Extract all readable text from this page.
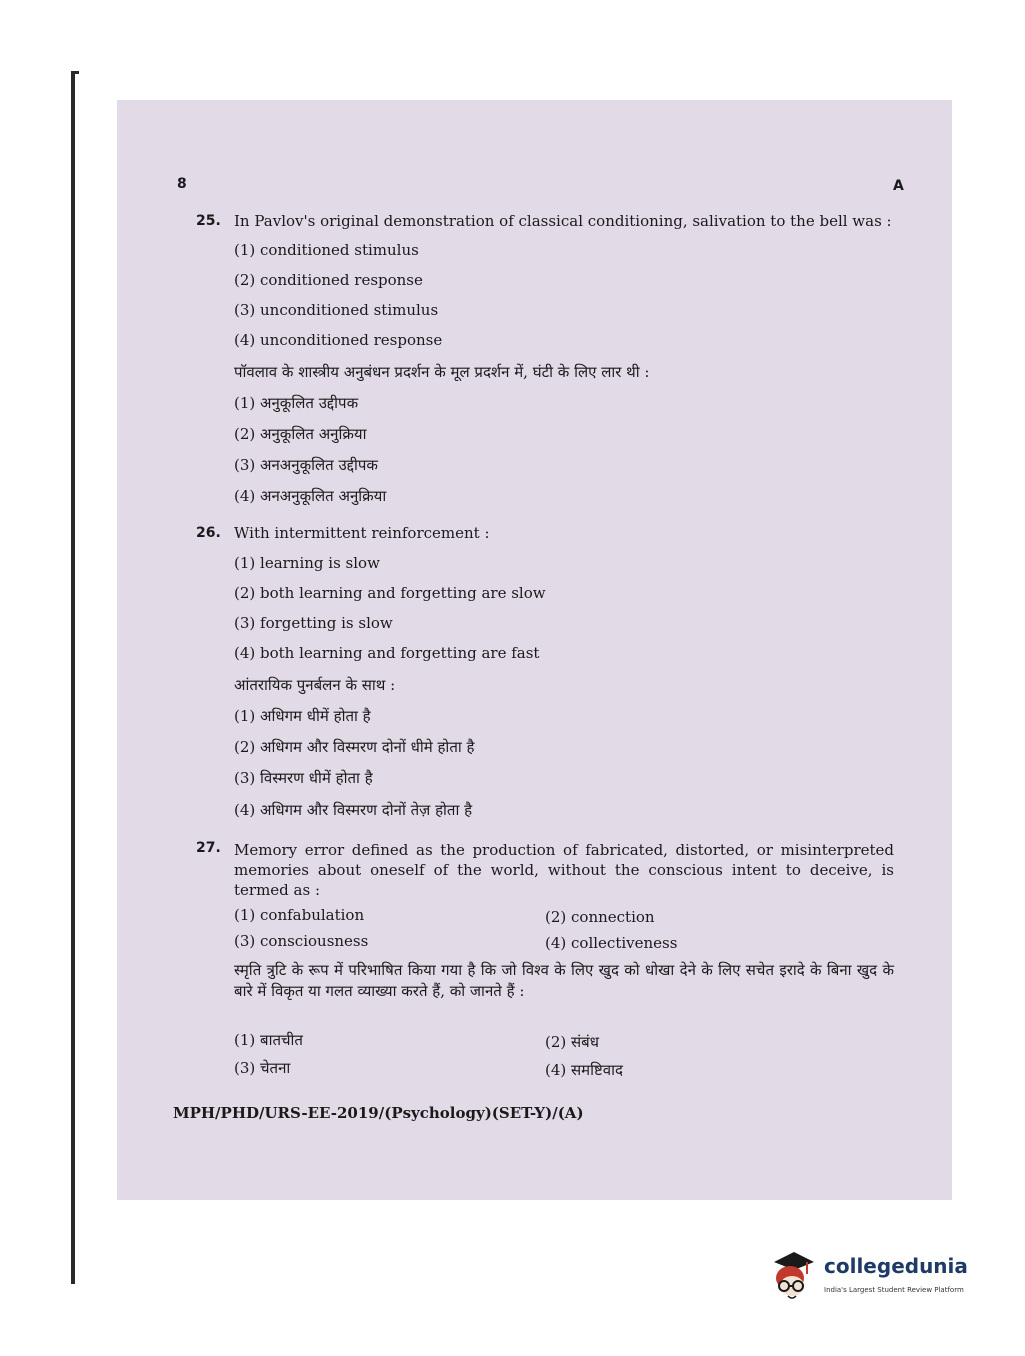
8	A
25. In Pavlov's original demonstration of classical conditioning, salivation to the bell was :
(1) conditioned stimulus
(2) conditioned response
(3) unconditioned stimulus
(4) unconditioned response
पॉवलाव के शास्त्रीय अनुबंधन प्रदर्शन के मूल प्रदर्शन में, घंटी के लिए लार थी :
(1) अनुकूलित उद्दीपक
(2) अनुकूलित अनुक्रिया
(3) अनअनुकूलित उद्दीपक
(4) अनअनुकूलित अनुक्रिया
26. With intermittent reinforcement :
(1) learning is slow
(2) both learning and forgetting are slow
(3) forgetting is slow
(4) both learning and forgetting are fast
आंतरायिक पुनर्बलन के साथ :
(1) अधिगम धीमें होता है
(2) अधिगम और विस्मरण दोनों धीमे होता है
(3) विस्मरण धीमें होता है
(4) अधिगम और विस्मरण दोनों तेज़ होता है
27. Memory error defined as the production of fabricated, distorted, or misinterpreted memories about oneself of the world, without the conscious intent to deceive, is termed as :
(1) confabulation	(2) connection
(3) consciousness	(4) collectiveness
स्मृति त्रुटि के रूप में परिभाषित किया गया है कि जो विश्व के लिए खुद को धोखा देने के लिए सचेत इरादे के बिना खुद के बारे में विकृत या गलत व्याख्या करते हैं, को जानते हैं :
(1) बातचीत	(2) संबंध
(3) चेतना	(4) समष्टिवाद
MPH/PHD/URS-EE-2019/(Psychology)(SET-Y)/(A)
collegedunia
India's Largest Student Review Platform
